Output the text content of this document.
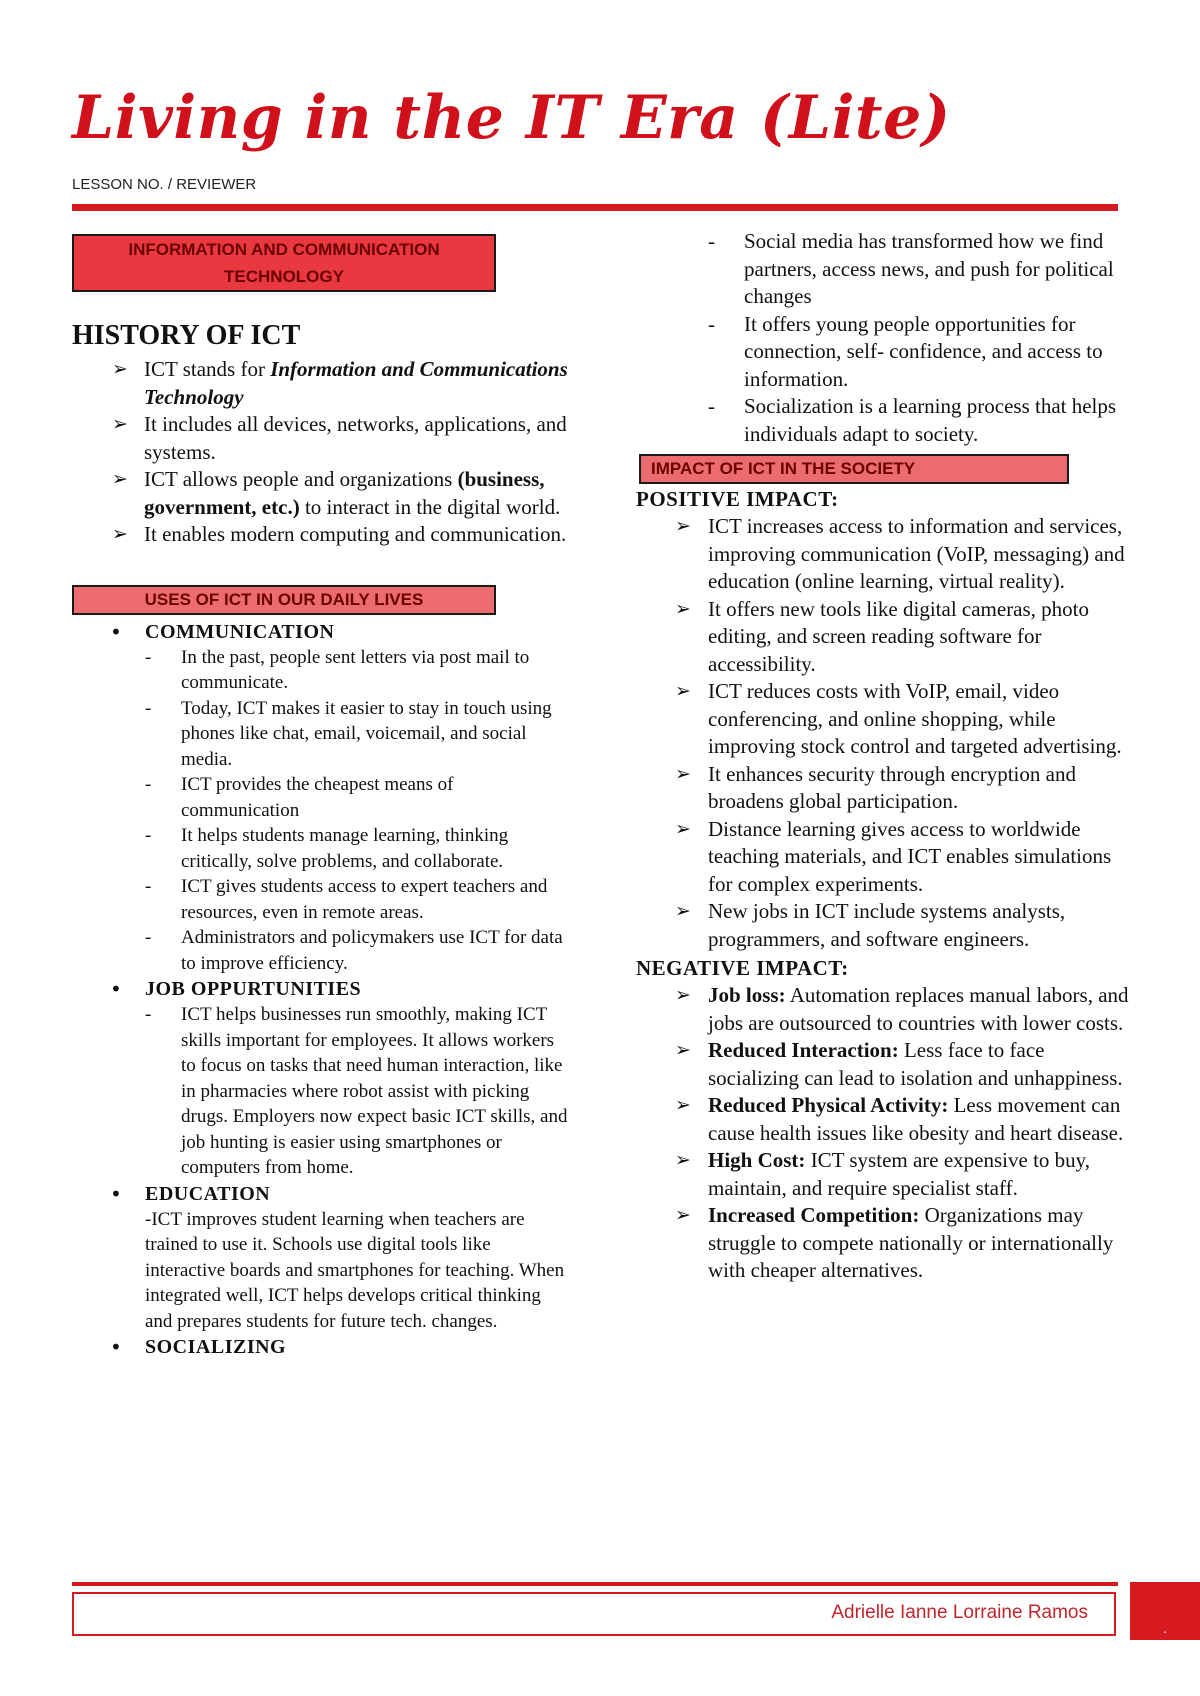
Living in the IT Era (Lite)
LESSON NO. / REVIEWER
INFORMATION AND COMMUNICATION TECHNOLOGY
HISTORY OF ICT
➢ ICT stands for Information and Communications Technology
➢ It includes all devices, networks, applications, and systems.
➢ ICT allows people and organizations (business, government, etc.) to interact in the digital world.
➢ It enables modern computing and communication.
USES OF ICT IN OUR DAILY LIVES
• COMMUNICATION
- In the past, people sent letters via post mail to communicate.
- Today, ICT makes it easier to stay in touch using phones like chat, email, voicemail, and social media.
- ICT provides the cheapest means of communication
- It helps students manage learning, thinking critically, solve problems, and collaborate.
- ICT gives students access to expert teachers and resources, even in remote areas.
- Administrators and policymakers use ICT for data to improve efficiency.
• JOB OPPURTUNITIES
- ICT helps businesses run smoothly, making ICT skills important for employees. It allows workers to focus on tasks that need human interaction, like in pharmacies where robot assist with picking drugs. Employers now expect basic ICT skills, and job hunting is easier using smartphones or computers from home.
• EDUCATION
-ICT improves student learning when teachers are trained to use it. Schools use digital tools like interactive boards and smartphones for teaching. When integrated well, ICT helps develops critical thinking and prepares students for future tech. changes.
• SOCIALIZING
- Social media has transformed how we find partners, access news, and push for political changes
- It offers young people opportunities for connection, self- confidence, and access to information.
- Socialization is a learning process that helps individuals adapt to society.
IMPACT OF ICT IN THE SOCIETY
POSITIVE IMPACT:
➢ ICT increases access to information and services, improving communication (VoIP, messaging) and education (online learning, virtual reality).
➢ It offers new tools like digital cameras, photo editing, and screen reading software for accessibility.
➢ ICT reduces costs with VoIP, email, video conferencing, and online shopping, while improving stock control and targeted advertising.
➢ It enhances security through encryption and broadens global participation.
➢ Distance learning gives access to worldwide teaching materials, and ICT enables simulations for complex experiments.
➢ New jobs in ICT include systems analysts, programmers, and software engineers.
NEGATIVE IMPACT:
➢ Job loss: Automation replaces manual labors, and jobs are outsourced to countries with lower costs.
➢ Reduced Interaction: Less face to face socializing can lead to isolation and unhappiness.
➢ Reduced Physical Activity: Less movement can cause health issues like obesity and heart disease.
➢ High Cost: ICT system are expensive to buy, maintain, and require specialist staff.
➢ Increased Competition: Organizations may struggle to compete nationally or internationally with cheaper alternatives.
Adrielle Ianne Lorraine Ramos
.
